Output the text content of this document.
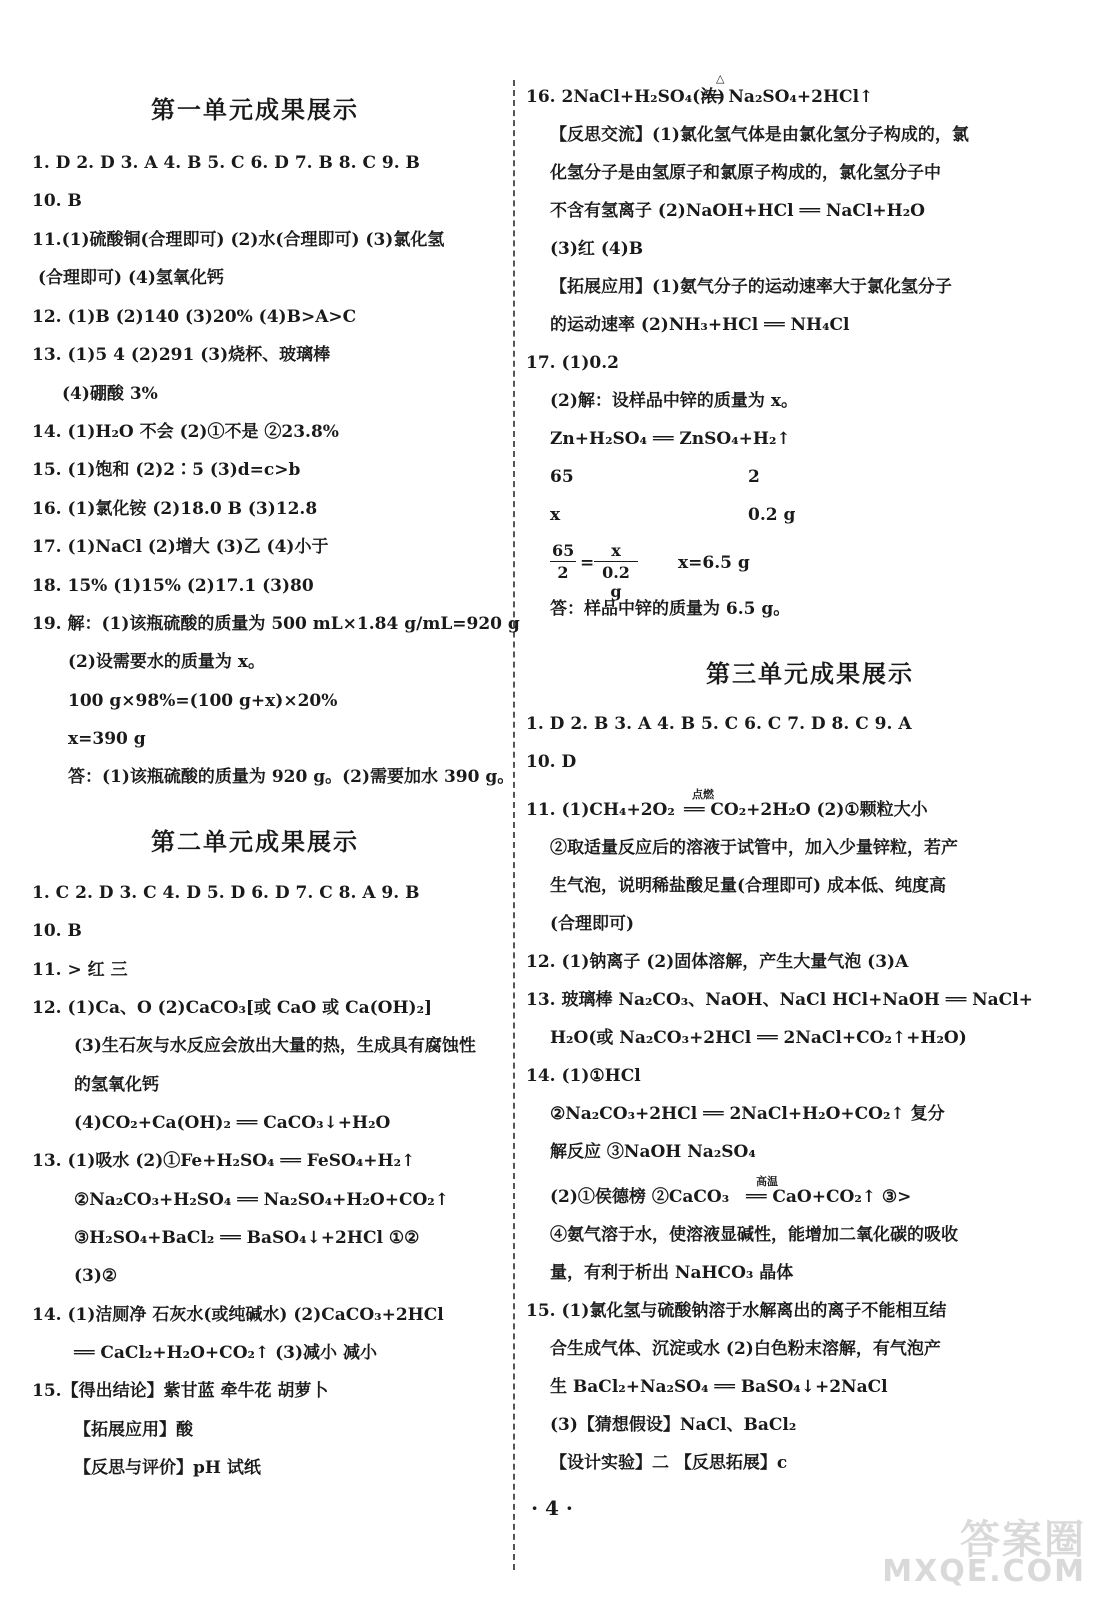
第一单元成果展示
1. D 2. D 3. A 4. B 5. C 6. D 7. B 8. C 9. B
10. B
11.(1)硫酸铜(合理即可) (2)水(合理即可) (3)氯化氢
(合理即可) (4)氢氧化钙
12. (1)B (2)140 (3)20% (4)B>A>C
13. (1)5 4 (2)291 (3)烧杯、玻璃棒
(4)硼酸 3%
14. (1)H₂O 不会 (2)①不是 ②23.8%
15. (1)饱和 (2)2∶5 (3)d=c>b
16. (1)氯化铵 (2)18.0 B (3)12.8
17. (1)NaCl (2)增大 (3)乙 (4)小于
18. 15% (1)15% (2)17.1 (3)80
19. 解：(1)该瓶硫酸的质量为 500 mL×1.84 g/mL=920 g
(2)设需要水的质量为 x。
100 g×98%=(100 g+x)×20%
x=390 g
答：(1)该瓶硫酸的质量为 920 g。(2)需要加水 390 g。
第二单元成果展示
1. C 2. D 3. C 4. D 5. D 6. D 7. C 8. A 9. B
10. B
11. > 红 三
12. (1)Ca、O (2)CaCO₃[或 CaO 或 Ca(OH)₂]
(3)生石灰与水反应会放出大量的热，生成具有腐蚀性
的氢氧化钙
(4)CO₂+Ca(OH)₂ ══ CaCO₃↓+H₂O
13. (1)吸水 (2)①Fe+H₂SO₄ ══ FeSO₄+H₂↑
②Na₂CO₃+H₂SO₄ ══ Na₂SO₄+H₂O+CO₂↑
③H₂SO₄+BaCl₂ ══ BaSO₄↓+2HCl ①②
(3)②
14. (1)洁厕净 石灰水(或纯碱水) (2)CaCO₃+2HCl
══ CaCl₂+H₂O+CO₂↑ (3)减小 减小
15.【得出结论】紫甘蓝 牵牛花 胡萝卜
【拓展应用】酸
【反思与评价】pH 试纸
16. 2NaCl+H₂SO₄(浓)
△
══ Na₂SO₄+2HCl↑
【反思交流】(1)氯化氢气体是由氯化氢分子构成的，氯
化氢分子是由氢原子和氯原子构成的，氯化氢分子中
不含有氢离子 (2)NaOH+HCl ══ NaCl+H₂O
(3)红 (4)B
【拓展应用】(1)氨气分子的运动速率大于氯化氢分子
的运动速率 (2)NH₃+HCl ══ NH₄Cl
17. (1)0.2
(2)解：设样品中锌的质量为 x。
Zn+H₂SO₄ ══ ZnSO₄+H₂↑
65	2
x	0.2 g
$\frac{65}{2} = \frac{x}{0.2 g} x=6.5$ g
答：样品中锌的质量为 6.5 g。
第三单元成果展示
1. D 2. B 3. A 4. B 5. C 6. C 7. D 8. C 9. A
10. D
11. (1)CH₄+2O₂
点燃
══ CO₂+2H₂O (2)①颗粒大小
②取适量反应后的溶液于试管中，加入少量锌粒，若产
生气泡，说明稀盐酸足量(合理即可) 成本低、纯度高
(合理即可)
12. (1)钠离子 (2)固体溶解，产生大量气泡 (3)A
13. 玻璃棒 Na₂CO₃、NaOH、NaCl HCl+NaOH ══ NaCl+
H₂O(或 Na₂CO₃+2HCl ══ 2NaCl+CO₂↑+H₂O)
14. (1)①HCl
②Na₂CO₃+2HCl ══ 2NaCl+H₂O+CO₂↑ 复分
解反应 ③NaOH Na₂SO₄
(2)①侯德榜 ②CaCO₃
高温
══ CaO+CO₂↑ ③>
④氨气溶于水，使溶液显碱性，能增加二氧化碳的吸收
量，有利于析出 NaHCO₃ 晶体
15. (1)氯化氢与硫酸钠溶于水解离出的离子不能相互结
合生成气体、沉淀或水 (2)白色粉末溶解，有气泡产
生 BaCl₂+Na₂SO₄ ══ BaSO₄↓+2NaCl
(3)【猜想假设】NaCl、BaCl₂
【设计实验】二 【反思拓展】c
· 4 ·
答案圈
MXQE.COM
